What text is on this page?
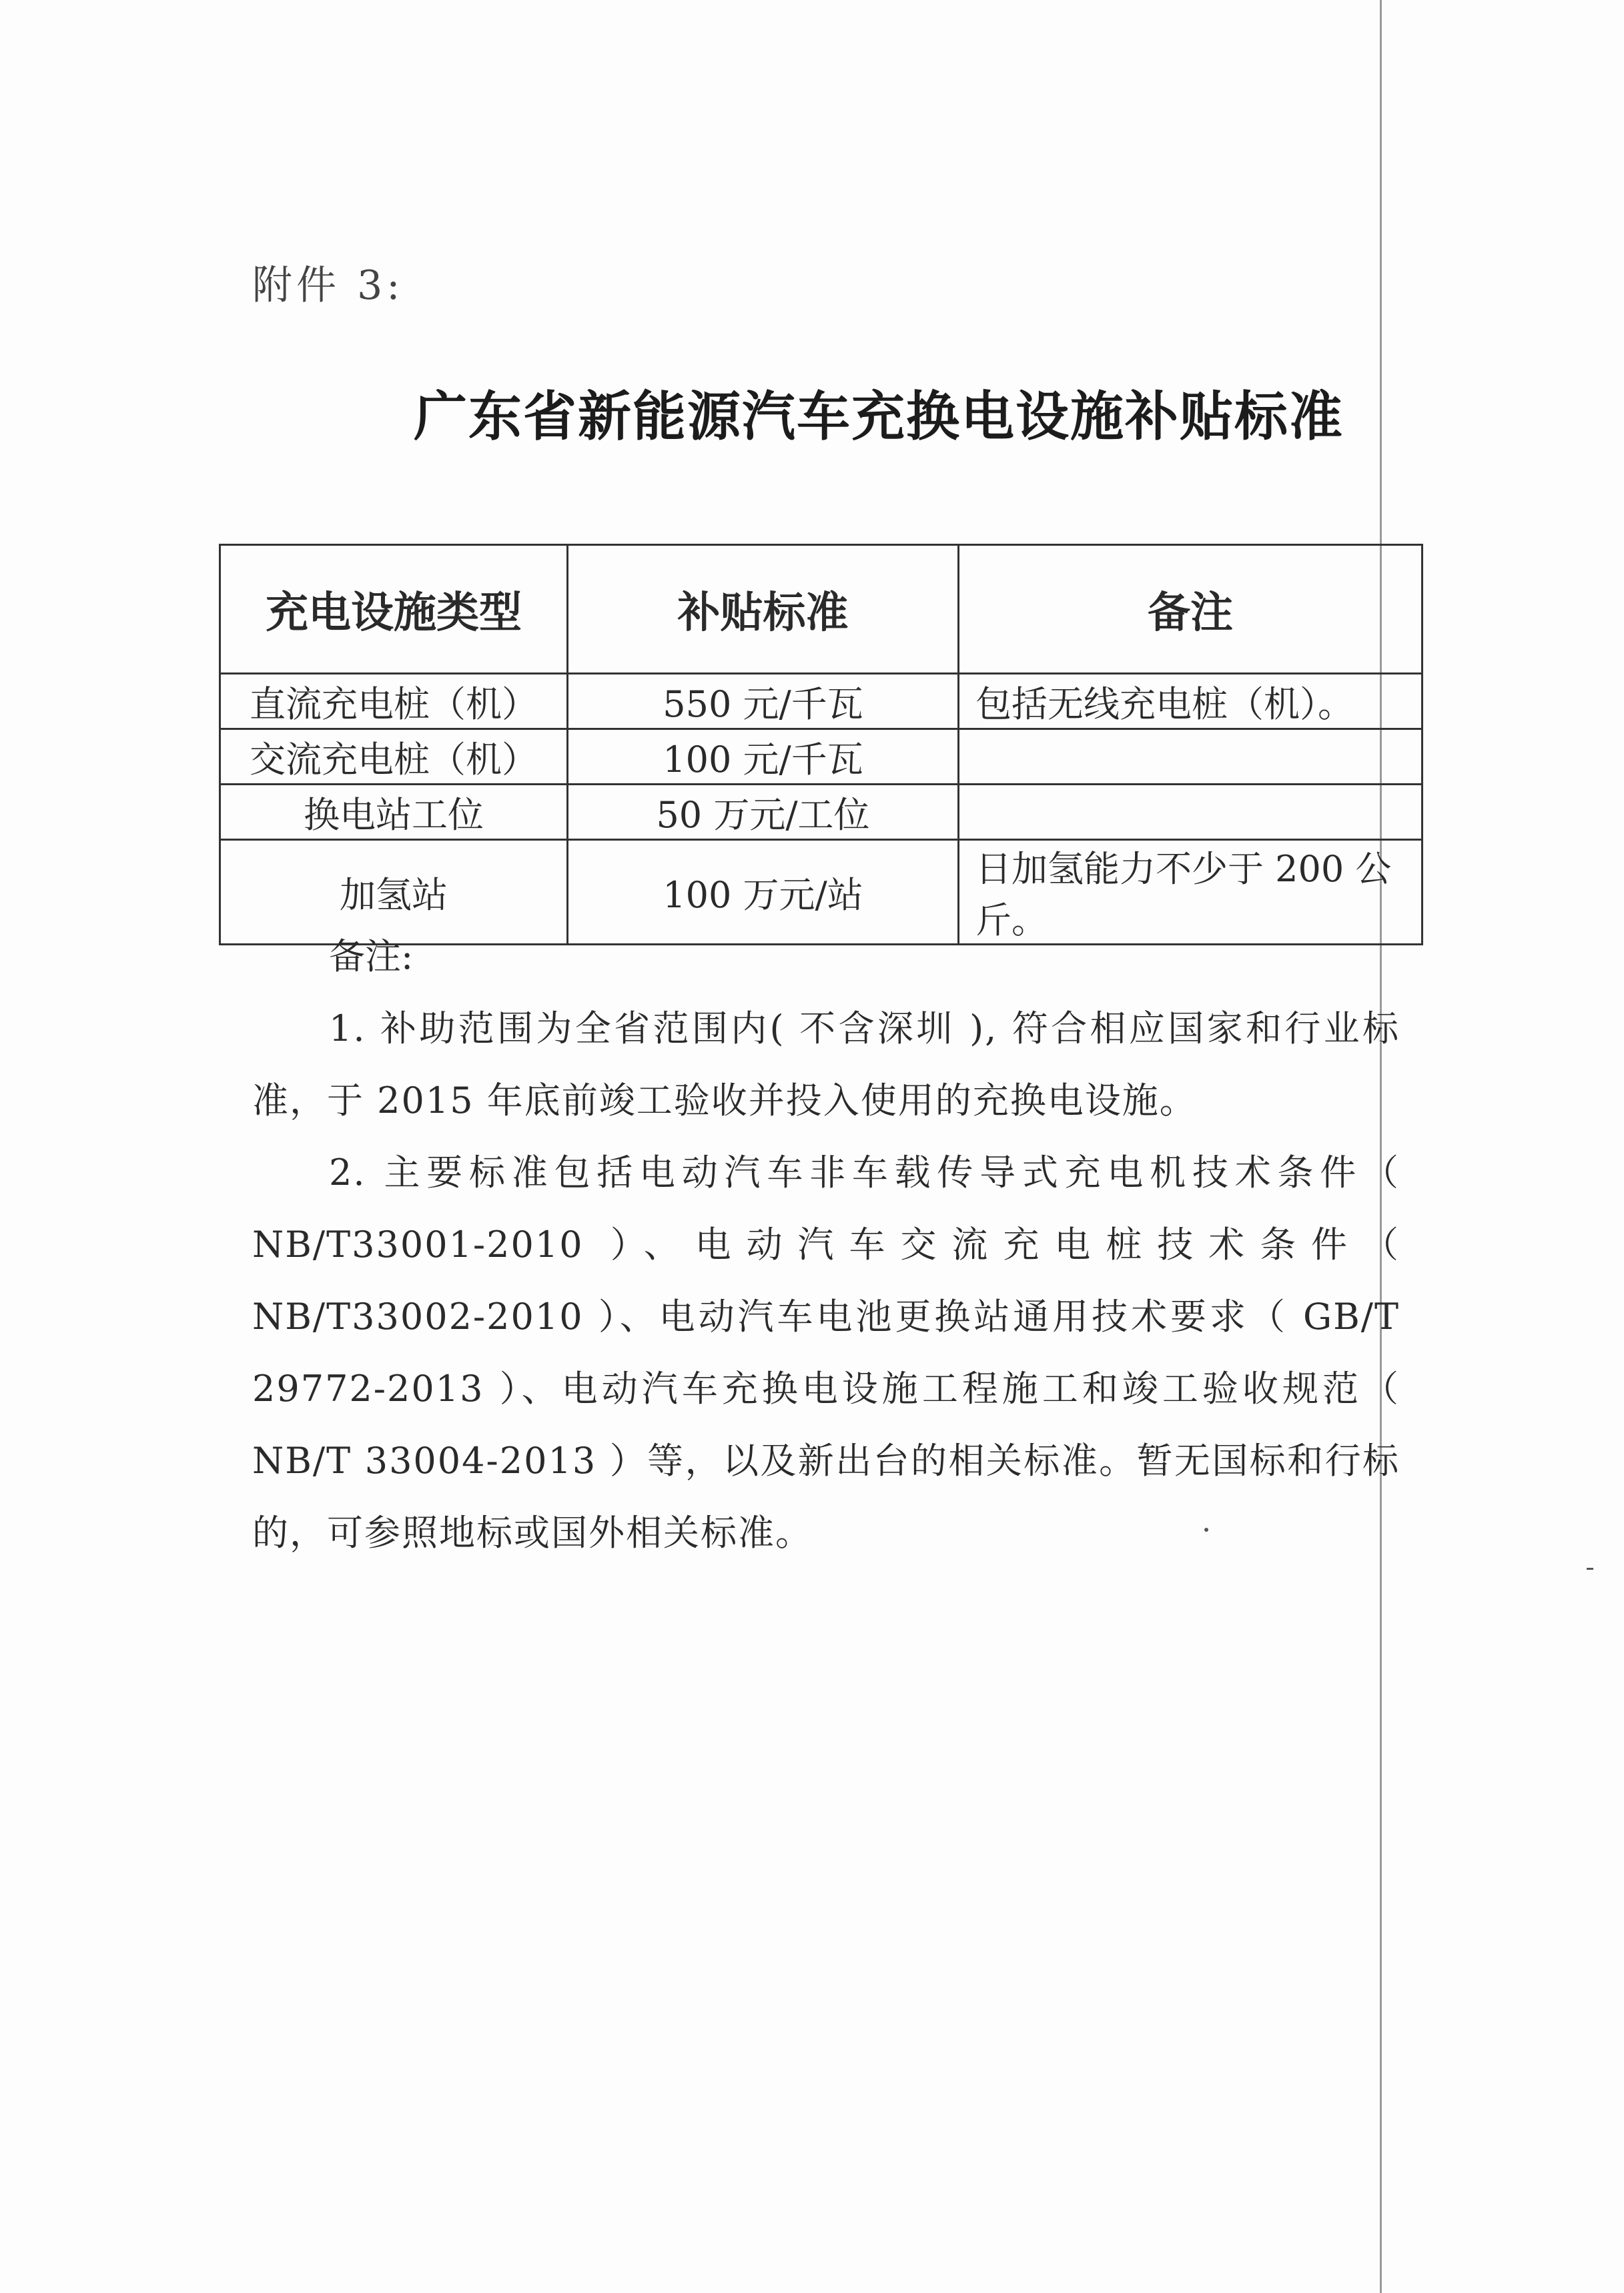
附件 3:
广东省新能源汽车充换电设施补贴标准
充电设施类型	补贴标准	备注
直流充电桩（机）	550 元/千瓦	包括无线充电桩（机）。
交流充电桩（机）	100 元/千瓦	
换电站工位	50 万元/工位	
加氢站	100 万元/站	日加氢能力不少于 200 公斤。
备注:

1. 补助范围为全省范围内( 不含深圳 ), 符合相应国家和行业标准，于 2015 年底前竣工验收并投入使用的充换电设施。

2. 主要标准包括电动汽车非车载传导式充电机技术条件（ NB/T33001-2010 ）、电动汽车交流充电桩技术条件（ NB/T33002-2010 ）、电动汽车电池更换站通用技术要求（ GB/T 29772-2013 ）、电动汽车充换电设施工程施工和竣工验收规范（ NB/T 33004-2013 ）等，以及新出台的相关标准。暂无国标和行标的，可参照地标或国外相关标准。
